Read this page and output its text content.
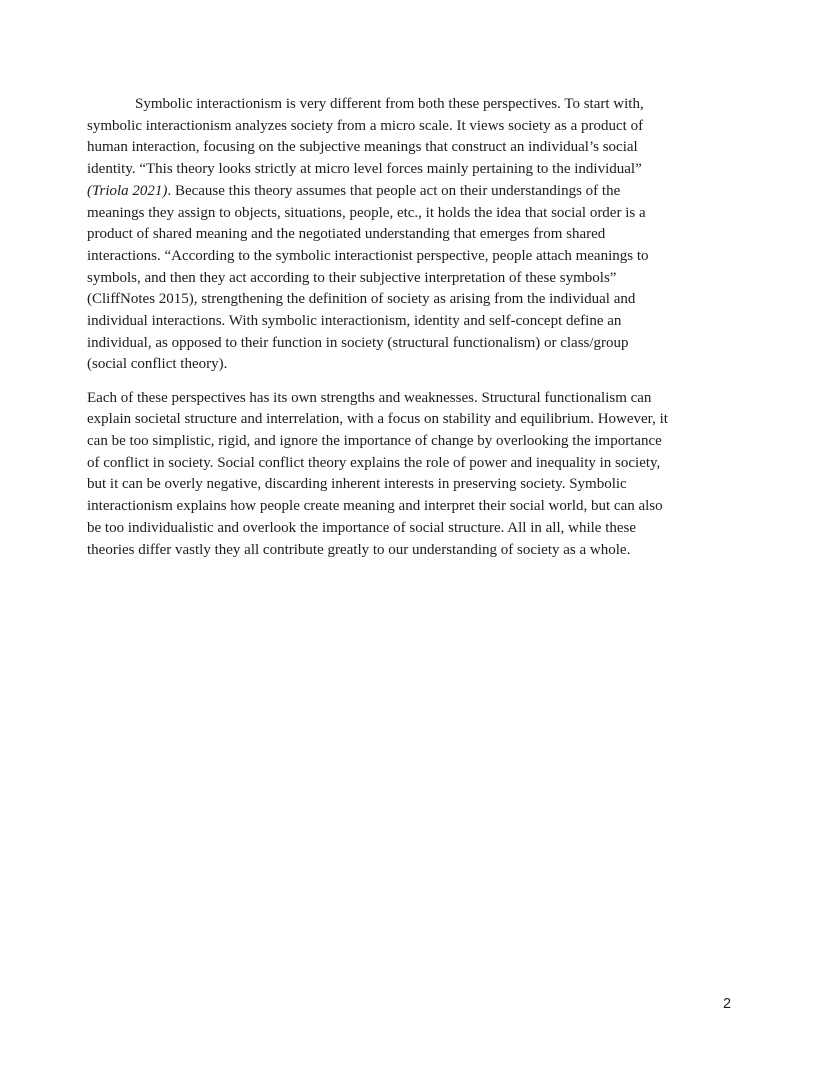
Symbolic interactionism is very different from both these perspectives. To start with,
symbolic interactionism analyzes society from a micro scale. It views society as a product of
human interaction, focusing on the subjective meanings that construct an individual’s social
identity. “This theory looks strictly at micro level forces mainly pertaining to the individual”
(Triola 2021). Because this theory assumes that people act on their understandings of the
meanings they assign to objects, situations, people, etc., it holds the idea that social order is a
product of shared meaning and the negotiated understanding that emerges from shared
interactions. “According to the symbolic interactionist perspective, people attach meanings to
symbols, and then they act according to their subjective interpretation of these symbols”
(CliffNotes 2015), strengthening the definition of society as arising from the individual and
individual interactions. With symbolic interactionism, identity and self-concept define an
individual, as opposed to their function in society (structural functionalism) or class/group
(social conflict theory).
Each of these perspectives has its own strengths and weaknesses. Structural functionalism can
explain societal structure and interrelation, with a focus on stability and equilibrium. However, it
can be too simplistic, rigid, and ignore the importance of change by overlooking the importance
of conflict in society. Social conflict theory explains the role of power and inequality in society,
but it can be overly negative, discarding inherent interests in preserving society. Symbolic
interactionism explains how people create meaning and interpret their social world, but can also
be too individualistic and overlook the importance of social structure. All in all, while these
theories differ vastly they all contribute greatly to our understanding of society as a whole.
2
